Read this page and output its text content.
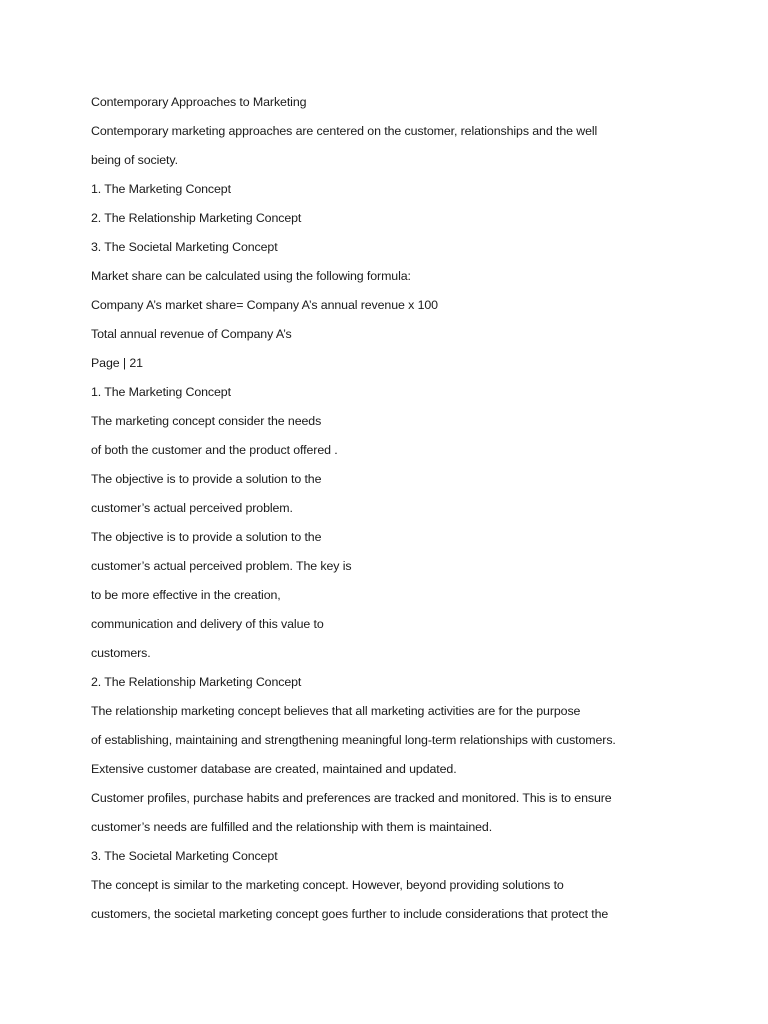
Contemporary Approaches to Marketing
Contemporary marketing approaches are centered on the customer, relationships and the well
being of society.
1. The Marketing Concept
2. The Relationship Marketing Concept
3. The Societal Marketing Concept
Market share can be calculated using the following formula:
Company A’s market share= Company A’s annual revenue x 100
Total annual revenue of Company A’s
Page | 21
1. The Marketing Concept
The marketing concept consider the needs
of both the customer and the product offered .
The objective is to provide a solution to the
customer’s actual perceived problem.
The objective is to provide a solution to the
customer’s actual perceived problem. The key is
to be more effective in the creation,
communication and delivery of this value to
customers.
2. The Relationship Marketing Concept
The relationship marketing concept believes that all marketing activities are for the purpose
of establishing, maintaining and strengthening meaningful long-term relationships with customers.
Extensive customer database are created, maintained and updated.
Customer profiles, purchase habits and preferences are tracked and monitored. This is to ensure
customer’s needs are fulfilled and the relationship with them is maintained.
3. The Societal Marketing Concept
The concept is similar to the marketing concept. However, beyond providing solutions to
customers, the societal marketing concept goes further to include considerations that protect the
